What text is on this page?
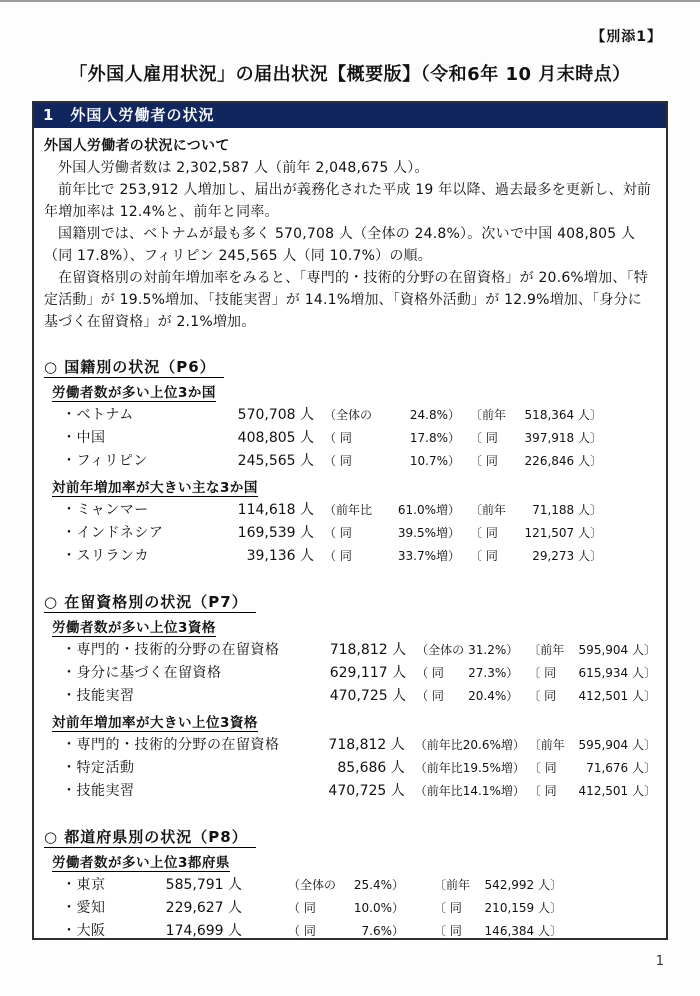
【別添1】
「外国人雇用状況」の届出状況【概要版】（令和6年 10 月末時点）
1　外国人労働者の状況
外国人労働者の状況について

外国人労働者数は 2,302,587 人（前年 2,048,675 人）。

前年比で 253,912 人増加し、届出が義務化された平成 19 年以降、過去最多を更新し、対前年増加率は 12.4%と、前年と同率。

国籍別では、ベトナムが最も多く 570,708 人（全体の 24.8%）。次いで中国 408,805 人（同 17.8%）、フィリピン 245,565 人（同 10.7%）の順。

在留資格別の対前年増加率をみると、「専門的・技術的分野の在留資格」が 20.6%増加、「特定活動」が 19.5%増加、「技能実習」が 14.1%増加、「資格外活動」が 12.9%増加、「身分に基づく在留資格」が 2.1%増加。

○ 国籍別の状況（P6）
労働者数が多い上位3か国
・ベトナム	570,708 人 （全体の	24.8%） 〔前年 518,364 人〕
・中国	408,805 人 （ 同	17.8%） 〔 同 397,918 人〕
・フィリピン	245,565 人 （ 同	10.7%） 〔 同 226,846 人〕
対前年増加率が大きい主な3か国
・ミャンマー	114,618 人 （前年比 61.0%増） 〔前年 71,188 人〕
・インドネシア	169,539 人 （ 同	39.5%増） 〔 同 121,507 人〕
・スリランカ	39,136 人 （ 同	33.7%増） 〔 同	29,273 人〕
○ 在留資格別の状況（P7）
労働者数が多い上位3資格
・専門的・技術的分野の在留資格	718,812 人 （全体の 31.2%） 〔前年 595,904 人〕
・身分に基づく在留資格	629,117 人 （ 同 27.3%） 〔 同 615,934 人〕
・技能実習	470,725 人 （ 同 20.4%） 〔 同 412,501 人〕
対前年増加率が大きい上位3資格
・専門的・技術的分野の在留資格	718,812 人 （前年比 20.6%増） 〔前年 595,904 人〕
・特定活動	85,686 人 （前年比 19.5%増） 〔 同 71,676 人〕
・技能実習	470,725 人 （前年比 14.1%増） 〔 同 412,501 人〕
○ 都道府県別の状況（P8）
労働者数が多い上位3都府県
・東京	585,791 人	（全体の 25.4%）	〔前年 542,992 人〕
・愛知	229,627 人	（ 同	10.0%）	〔 同 210,159 人〕
・大阪	174,699 人	（ 同	7.6%）	〔 同 146,384 人〕
1
